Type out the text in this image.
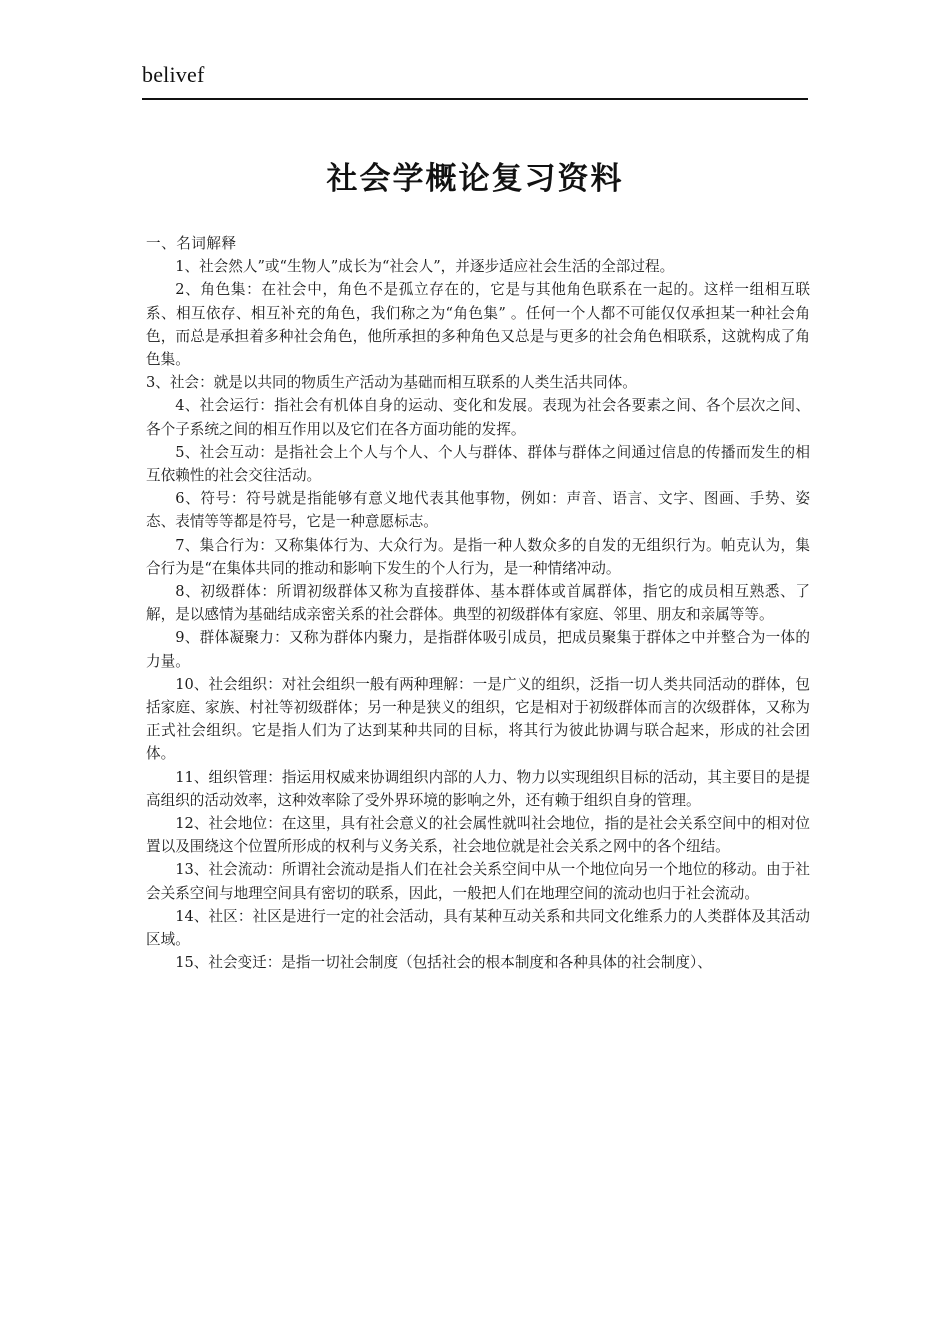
belivef
社会学概论复习资料

一、名词解释

1、社会然人”或“生物人”成长为“社会人”，并逐步适应社会生活的全部过程。

2、角色集：在社会中，角色不是孤立存在的，它是与其他角色联系在一起的。这样一组相互联系、相互依存、相互补充的角色，我们称之为“角色集” 。任何一个人都不可能仅仅承担某一种社会角色，而总是承担着多种社会角色，他所承担的多种角色又总是与更多的社会角色相联系，这就构成了角色集。

3、社会：就是以共同的物质生产活动为基础而相互联系的人类生活共同体。

4、社会运行：指社会有机体自身的运动、变化和发展。表现为社会各要素之间、各个层次之间、各个子系统之间的相互作用以及它们在各方面功能的发挥。

5、社会互动：是指社会上个人与个人、个人与群体、群体与群体之间通过信息的传播而发生的相互依赖性的社会交往活动。

6、符号：符号就是指能够有意义地代表其他事物，例如：声音、语言、文字、图画、手势、姿态、表情等等都是符号，它是一种意愿标志。

7、集合行为：又称集体行为、大众行为。是指一种人数众多的自发的无组织行为。帕克认为，集合行为是“在集体共同的推动和影响下发生的个人行为，是一种情绪冲动。

8、初级群体：所谓初级群体又称为直接群体、基本群体或首属群体，指它的成员相互熟悉、了解，是以感情为基础结成亲密关系的社会群体。典型的初级群体有家庭、邻里、朋友和亲属等等。

9、群体凝聚力：又称为群体内聚力，是指群体吸引成员，把成员聚集于群体之中并整合为一体的力量。

10、社会组织：对社会组织一般有两种理解：一是广义的组织，泛指一切人类共同活动的群体，包括家庭、家族、村社等初级群体；另一种是狭义的组织，它是相对于初级群体而言的次级群体，又称为正式社会组织。它是指人们为了达到某种共同的目标，将其行为彼此协调与联合起来，形成的社会团体。

11、组织管理：指运用权威来协调组织内部的人力、物力以实现组织目标的活动，其主要目的是提高组织的活动效率，这种效率除了受外界环境的影响之外，还有赖于组织自身的管理。

12、社会地位：在这里，具有社会意义的社会属性就叫社会地位，指的是社会关系空间中的相对位置以及围绕这个位置所形成的权利与义务关系，社会地位就是社会关系之网中的各个纽结。

13、社会流动：所谓社会流动是指人们在社会关系空间中从一个地位向另一个地位的移动。由于社会关系空间与地理空间具有密切的联系，因此，一般把人们在地理空间的流动也归于社会流动。

14、社区：社区是进行一定的社会活动，具有某种互动关系和共同文化维系力的人类群体及其活动区域。

15、社会变迁：是指一切社会制度（包括社会的根本制度和各种具体的社会制度）、
